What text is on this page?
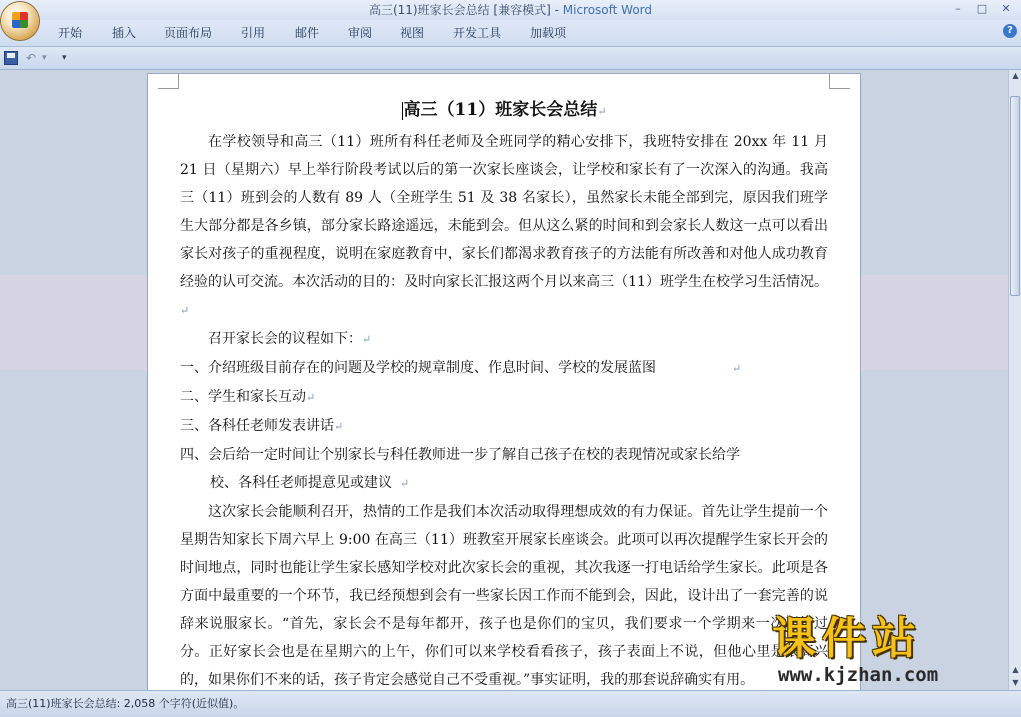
高三(11)班家长会总结 [兼容模式] - Microsoft Word	–	□	✕
开始 插入 页面布局 引用 邮件 审阅 视图 开发工具 加载项	?
↶ ▾ ▾
高三（11）班家长会总结↵

在学校领导和高三（11）班所有科任老师及全班同学的精心安排下，我班特安排在 20xx 年 11 月 21 日（星期六）早上举行阶段考试以后的第一次家长座谈会，让学校和家长有了一次深入的沟通。我高三（11）班到会的人数有 89 人（全班学生 51 及 38 名家长），虽然家长未能全部到完，原因我们班学生大部分都是各乡镇，部分家长路途遥远，未能到会。但从这么紧的时间和到会家长人数这一点可以看出家长对孩子的重视程度，说明在家庭教育中，家长们都渴求教育孩子的方法能有所改善和对他人成功教育经验的认可交流。本次活动的目的：及时向家长汇报这两个月以来高三（11）班学生在校学习生活情况。↵

召开家长会的议程如下：↵

一、介绍班级目前存在的问题及学校的规章制度、作息时间、学校的发展蓝图	↵

二、学生和家长互动↵

三、各科任老师发表讲话↵

四、会后给一定时间让个别家长与科任教师进一步了解自己孩子在校的表现情况或家长给学

校、各科任老师提意见或建议 ↵

这次家长会能顺利召开，热情的工作是我们本次活动取得理想成效的有力保证。首先让学生提前一个星期告知家长下周六早上 9:00 在高三（11）班教室开展家长座谈会。此项可以再次提醒学生家长开会的时间地点，同时也能让学生家长感知学校对此次家长会的重视，其次我逐一打电话给学生家长。此项是各方面中最重要的一个环节，我已经预想到会有一些家长因工作而不能到会，因此，设计出了一套完善的说辞来说服家长。“首先，家长会不是每年都开，孩子也是你们的宝贝，我们要求一个学期来一次不算过分。正好家长会也是在星期六的上午，你们可以来学校看看孩子，孩子表面上不说，但他心里是很高兴的，如果你们不来的话，孩子肯定会感觉自己不受重视。”事实证明，我的那套说辞确实有用。

▲
▲
▼
高三(11)班家长会总结: 2,058 个字符(近似值)。
课件站
www.kjzhan.com
